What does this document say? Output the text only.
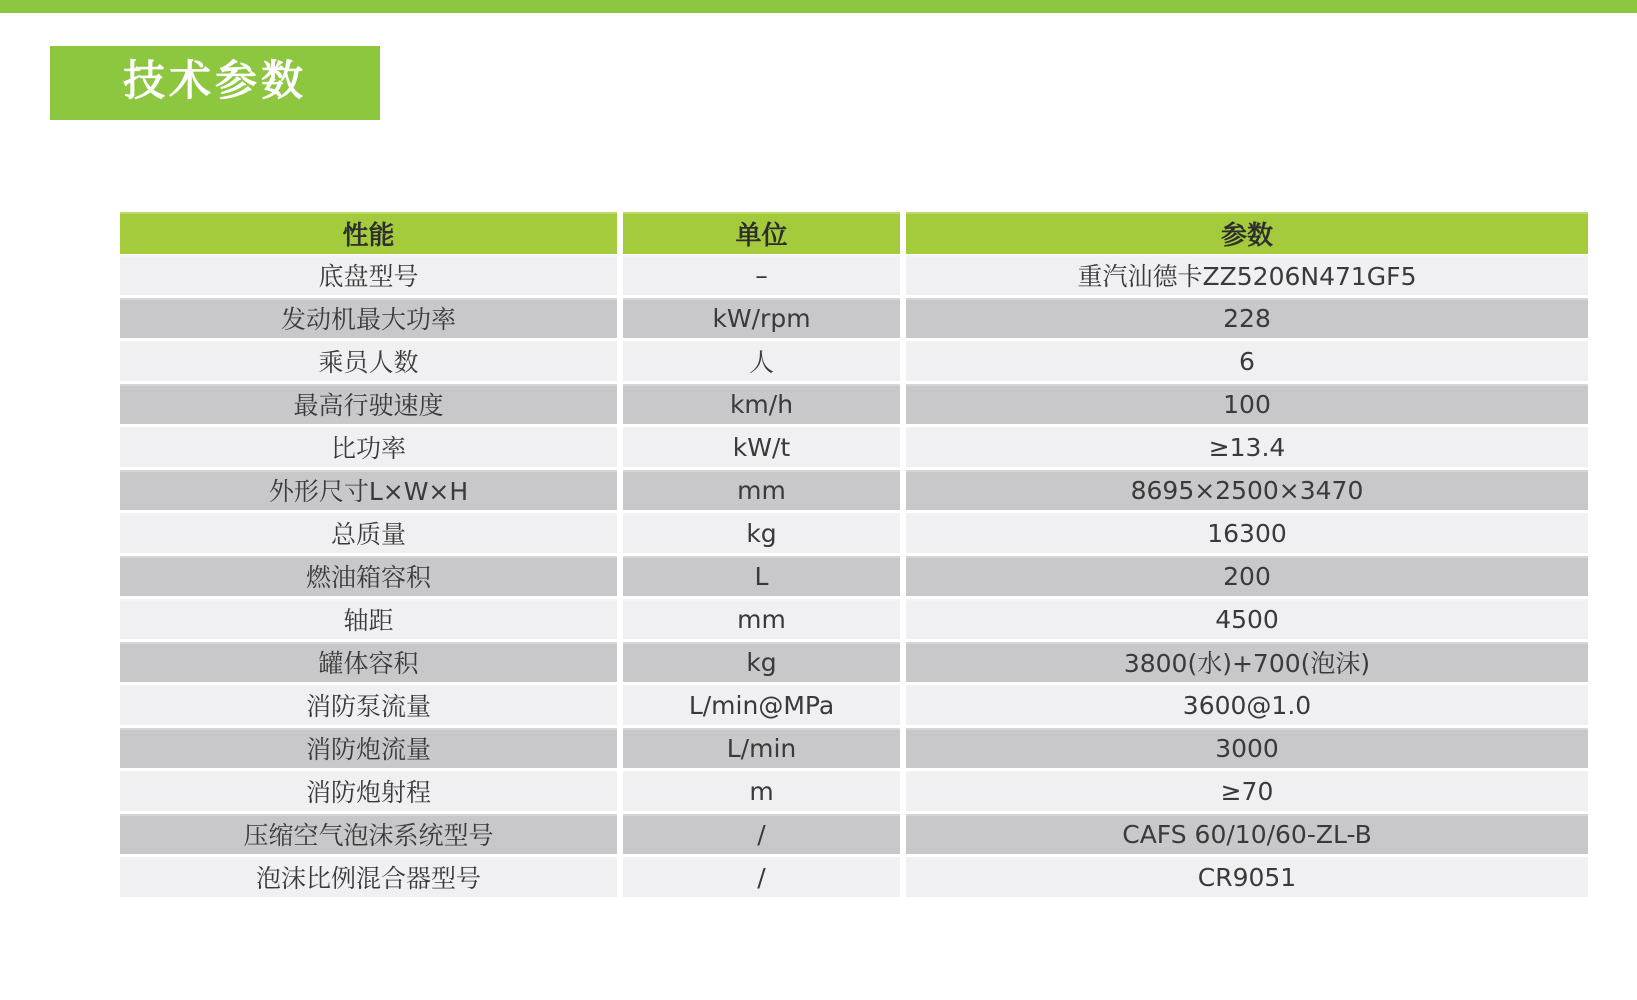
技术参数
性能	单位	参数
底盘型号	–	重汽汕德卡ZZ5206N471GF5
发动机最大功率	kW/rpm	228
乘员人数	人	6
最高行驶速度	km/h	100
比功率	kW/t	≥13.4
外形尺寸L×W×H	mm	8695×2500×3470
总质量	kg	16300
燃油箱容积	L	200
轴距	mm	4500
罐体容积	kg	3800(水)+700(泡沫)
消防泵流量	L/min@MPa	3600@1.0
消防炮流量	L/min	3000
消防炮射程	m	≥70
压缩空气泡沫系统型号	/	CAFS 60/10/60-ZL-B
泡沫比例混合器型号	/	CR9051
